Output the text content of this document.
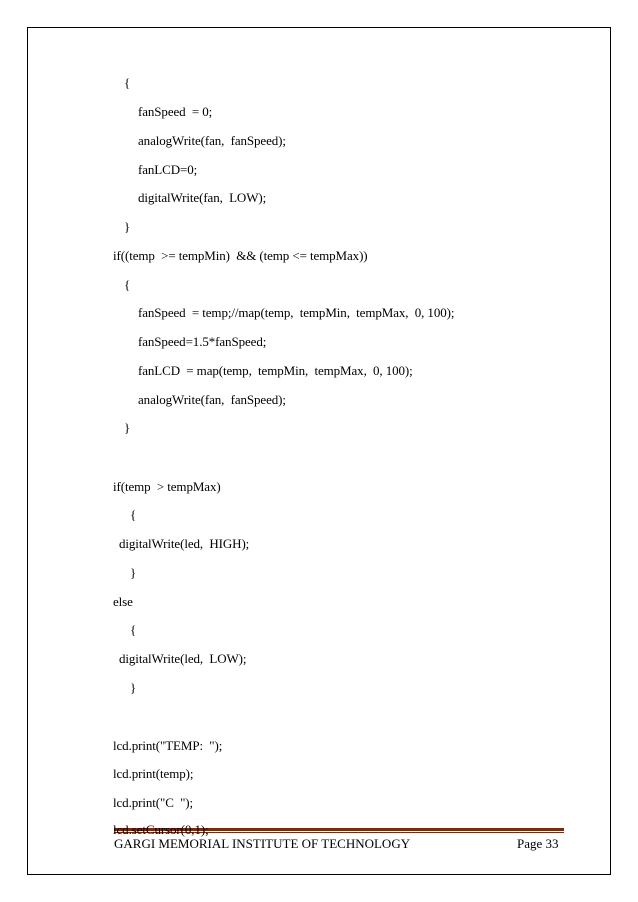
{
fanSpeed  = 0;
analogWrite(fan,  fanSpeed);
fanLCD=0;
digitalWrite(fan,  LOW);
}
if((temp  >= tempMin)  && (temp <= tempMax))
{
fanSpeed  = temp;//map(temp,  tempMin,  tempMax,  0, 100);
fanSpeed=1.5*fanSpeed;
fanLCD  = map(temp,  tempMin,  tempMax,  0, 100);
analogWrite(fan,  fanSpeed);
}
if(temp  > tempMax)
{
digitalWrite(led,  HIGH);
}
else
{
digitalWrite(led,  LOW);
}
lcd.print("TEMP:  ");
lcd.print(temp);
lcd.print("C  ");
lcd.setCursor(0,1);
GARGI MEMORIAL INSTITUTE OF TECHNOLOGY	Page 33
